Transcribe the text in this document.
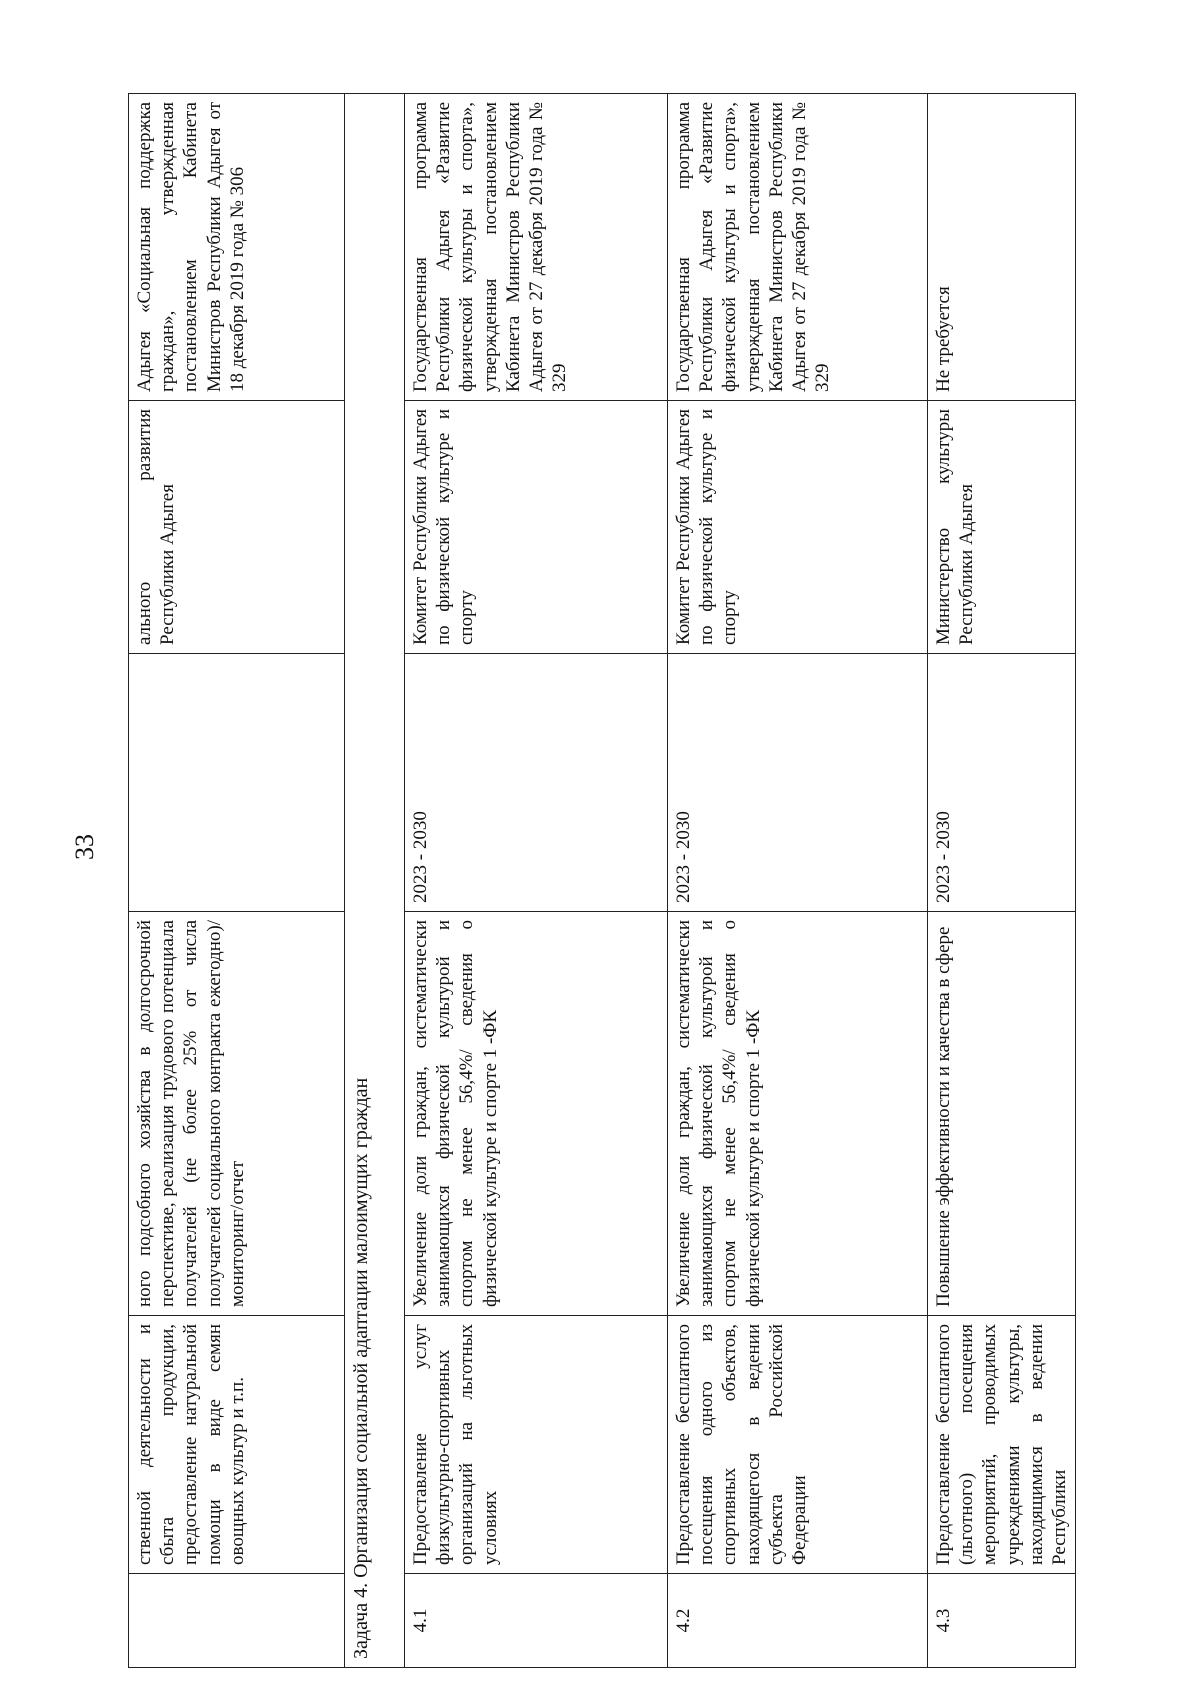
33
	ственной деятельности и сбыта продукции, предоставление натуральной помощи в виде семян овощных культур и т.п.	ного подсобного хозяйства в долгосрочной перспективе, реализация трудового потенциала получателей (не более 25% от числа получателей социального контракта ежегодно)/мониторинг/отчет		ального развития Республики Адыгея	Адыгея «Социальная поддержка граждан», утвержденная постановлением Кабинета Министров Республики Адыгея от 18 декабря 2019 года № 306
Задача 4. Организация социальной адаптации малоимущих граждан					
4.1	Предоставление услуг физкультурно-спортивных организаций на льготных условиях	Увеличение доли граждан, систематически занимающихся физической культурой и спортом не менее 56,4%/ сведения о физической культуре и спорте 1 -ФК	2023 - 2030	Комитет Республики Адыгея по физической культуре и спорту	Государственная программа Республики Адыгея «Развитие физической культуры и спорта», утвержденная постановлением Кабинета Министров Республики Адыгея от 27 декабря 2019 года № 329
4.2	Предоставление бесплатного посещения одного из спортивных объектов, находящегося в ведении субъекта Российской Федерации	Увеличение доли граждан, систематически занимающихся физической культурой и спортом не менее 56,4%/ сведения о физической культуре и спорте 1 -ФК	2023 - 2030	Комитет Республики Адыгея по физической культуре и спорту	Государственная программа Республики Адыгея «Развитие физической культуры и спорта», утвержденная постановлением Кабинета Министров Республики Адыгея от 27 декабря 2019 года № 329
4.3	Предоставление бесплатного (льготного) посещения мероприятий, проводимых учреждениями культуры, находящимися в ведении Республики	Повышение эффективности и качества в сфере	2023 - 2030	Министерство культуры Республики Адыгея	Не требуется
